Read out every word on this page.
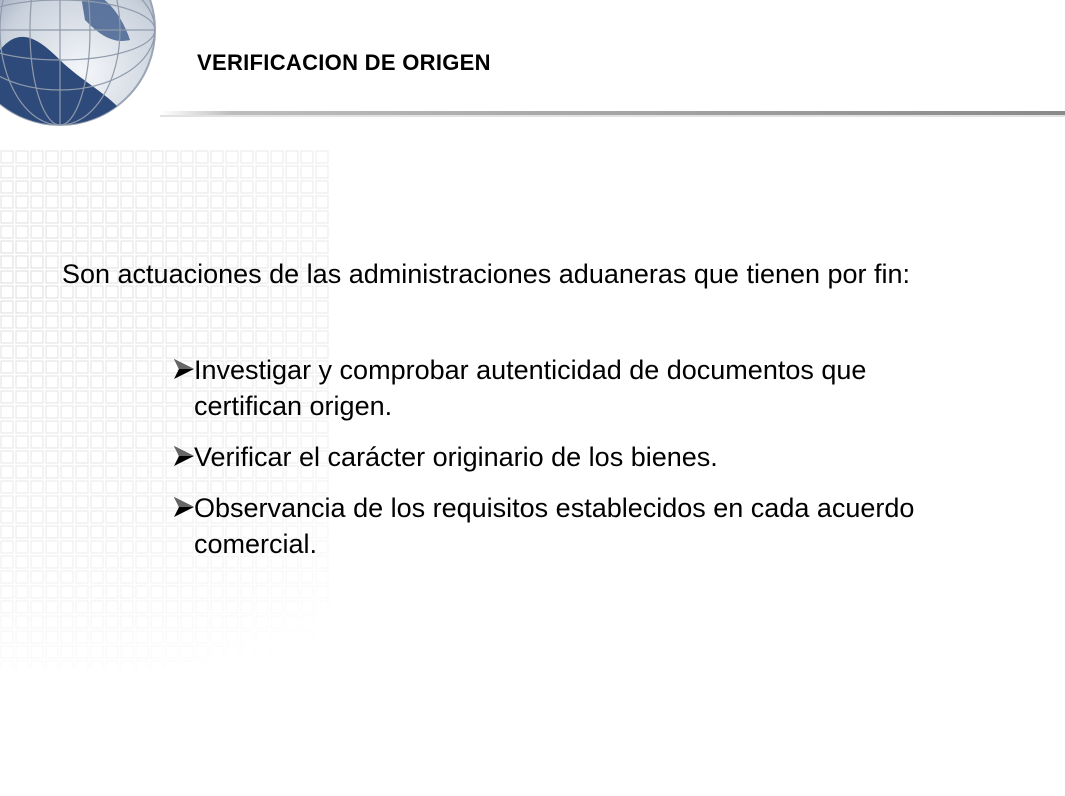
VERIFICACION DE ORIGEN
Son actuaciones de las administraciones aduaneras que tienen por fin:
Investigar y comprobar autenticidad de documentos que certifican origen.
Verificar el carácter originario de los bienes.
Observancia de los requisitos establecidos en cada acuerdo comercial.
